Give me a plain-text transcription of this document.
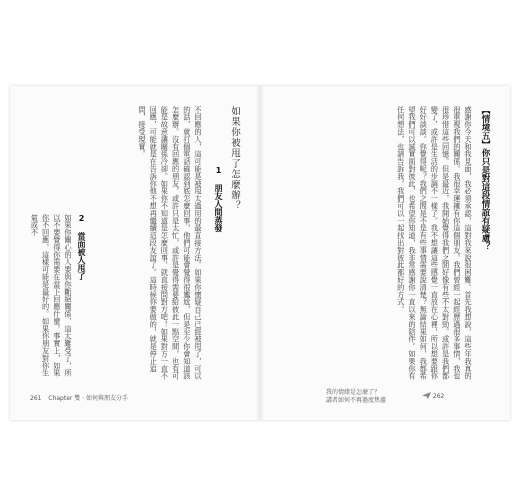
不回應的人，這可能是被甩太過用的最直接方法。如果你懷疑自己已經被甩了，可以的話，就打個電話確認到底怎麼回事，他們可能會覺得很尷尬，但是至少你會知道該怎麼辦。沒有回應的朋友，或許只是太忙，或許是覺得需要給彼此一點空間，也有可能是故意讓關係冷卻。如果你不知道是怎麼回事，就直接問對方吧！如果對方一直不回應，可能就是在告訴你他不想再繼續這段友誼了。這時候你要做的，就是停止追問，接受現實。	如果你被甩了怎麼辦？
1 朋友人間蒸發
2 當面被人甩了

如果你關心的人要與你斷絕關係，這太難受了，所以不要覺得你需要在當下回應什麼。事實上，如果你不回應，這樣可能是最好的。如果你朋友對你生氣或不

261 Chapter 雙 · 如何與朋友分手
【情境五】你只是對這段情誼有疑慮？

感謝你今天和我見面，我必須承認，這對我來說很困難。首先我想說，這些年我真的很重視我們的關係。我很幸運擁有你這個朋友。我們曾經一起經歷過很多事情，我也很珍惜這些回憶。但是最近，我開始覺得我們之間好像有些不太對勁。或許是我們都變了，或許是生活的步調不一樣了。我不想讓這些感覺一直放在心裡，所以想要跟你好好談談。你覺得呢？我們之間是不是有些事情需要說清楚？無論結果如何，我都希望我們可以誠實面對彼此，也希望你知道，我非常感謝你一直以來的陪伴。如果你有任何想法，也請告訴我，我們可以一起找出對彼此都好的方式。

我的情緒是怎麼了？
講者如何不再過度焦慮
262
